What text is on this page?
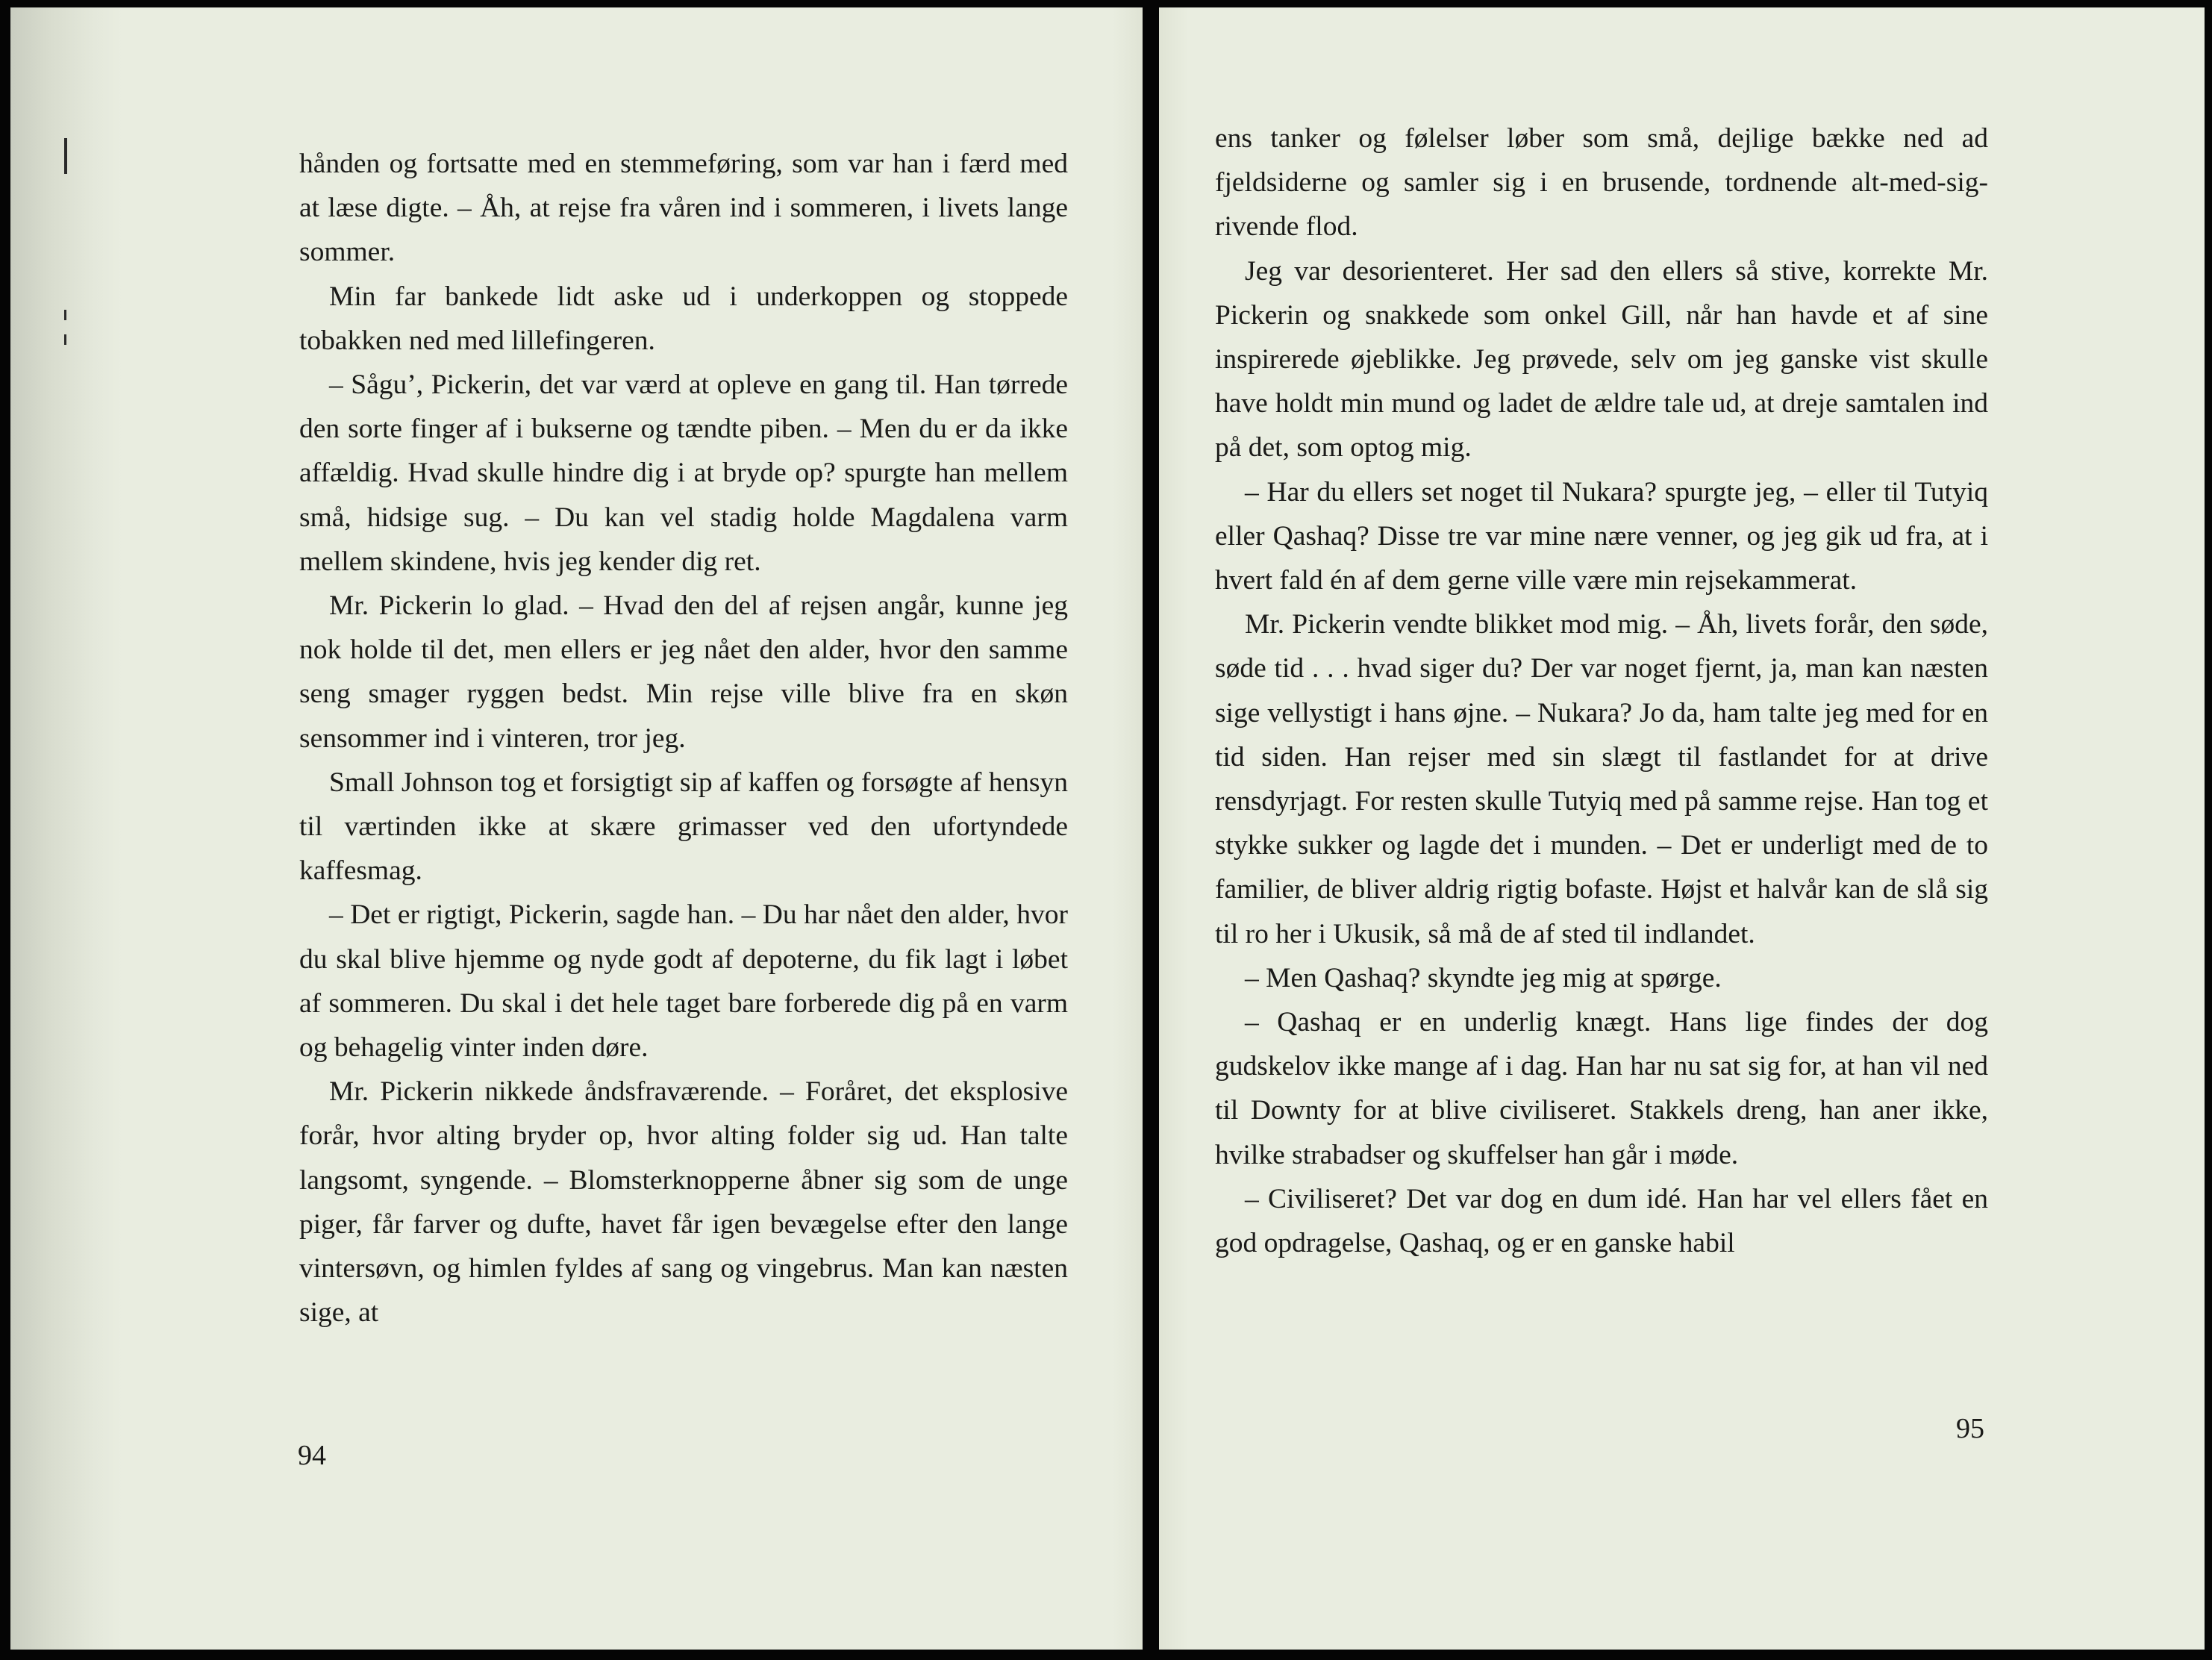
hånden og fortsatte med en stemmeføring, som var han i færd med at læse digte. – Åh, at rejse fra våren ind i sommeren, i livets lange sommer.

Min far bankede lidt aske ud i underkoppen og stoppede tobakken ned med lillefingeren.

– Sågu’, Pickerin, det var værd at opleve en gang til. Han tørrede den sorte finger af i bukserne og tændte piben. – Men du er da ikke affældig. Hvad skulle hindre dig i at bryde op? spurgte han mellem små, hidsige sug. – Du kan vel stadig holde Magdalena varm mellem skindene, hvis jeg kender dig ret.

Mr. Pickerin lo glad. – Hvad den del af rejsen angår, kunne jeg nok holde til det, men ellers er jeg nået den alder, hvor den samme seng smager ryggen bedst. Min rejse ville blive fra en skøn sensommer ind i vinteren, tror jeg.

Small Johnson tog et forsigtigt sip af kaffen og forsøgte af hensyn til værtinden ikke at skære grimasser ved den ufortyndede kaffesmag.

– Det er rigtigt, Pickerin, sagde han. – Du har nået den alder, hvor du skal blive hjemme og nyde godt af depoterne, du fik lagt i løbet af sommeren. Du skal i det hele taget bare forberede dig på en varm og behagelig vinter inden døre.

Mr. Pickerin nikkede åndsfraværende. – Foråret, det eksplosive forår, hvor alting bryder op, hvor alting folder sig ud. Han talte langsomt, syngende. – Blomsterknopperne åbner sig som de unge piger, får farver og dufte, havet får igen bevægelse efter den lange vintersøvn, og himlen fyldes af sang og vingebrus. Man kan næsten sige, at

94

ens tanker og følelser løber som små, dejlige bække ned ad fjeldsiderne og samler sig i en brusende, tordnende alt-med-sig-rivende flod.

Jeg var desorienteret. Her sad den ellers så stive, korrekte Mr. Pickerin og snakkede som onkel Gill, når han havde et af sine inspirerede øjeblikke. Jeg prøvede, selv om jeg ganske vist skulle have holdt min mund og ladet de ældre tale ud, at dreje samtalen ind på det, som optog mig.

– Har du ellers set noget til Nukara? spurgte jeg, – eller til Tutyiq eller Qashaq? Disse tre var mine nære venner, og jeg gik ud fra, at i hvert fald én af dem gerne ville være min rejsekammerat.

Mr. Pickerin vendte blikket mod mig. – Åh, livets forår, den søde, søde tid . . . hvad siger du? Der var noget fjernt, ja, man kan næsten sige vellystigt i hans øjne. – Nukara? Jo da, ham talte jeg med for en tid siden. Han rejser med sin slægt til fastlandet for at drive rensdyrjagt. For resten skulle Tutyiq med på samme rejse. Han tog et stykke sukker og lagde det i munden. – Det er underligt med de to familier, de bliver aldrig rigtig bofaste. Højst et halvår kan de slå sig til ro her i Ukusik, så må de af sted til indlandet.

– Men Qashaq? skyndte jeg mig at spørge.

– Qashaq er en underlig knægt. Hans lige findes der dog gudskelov ikke mange af i dag. Han har nu sat sig for, at han vil ned til Downty for at blive civiliseret. Stakkels dreng, han aner ikke, hvilke strabadser og skuffelser han går i møde.

– Civiliseret? Det var dog en dum idé. Han har vel ellers fået en god opdragelse, Qashaq, og er en ganske habil

95
